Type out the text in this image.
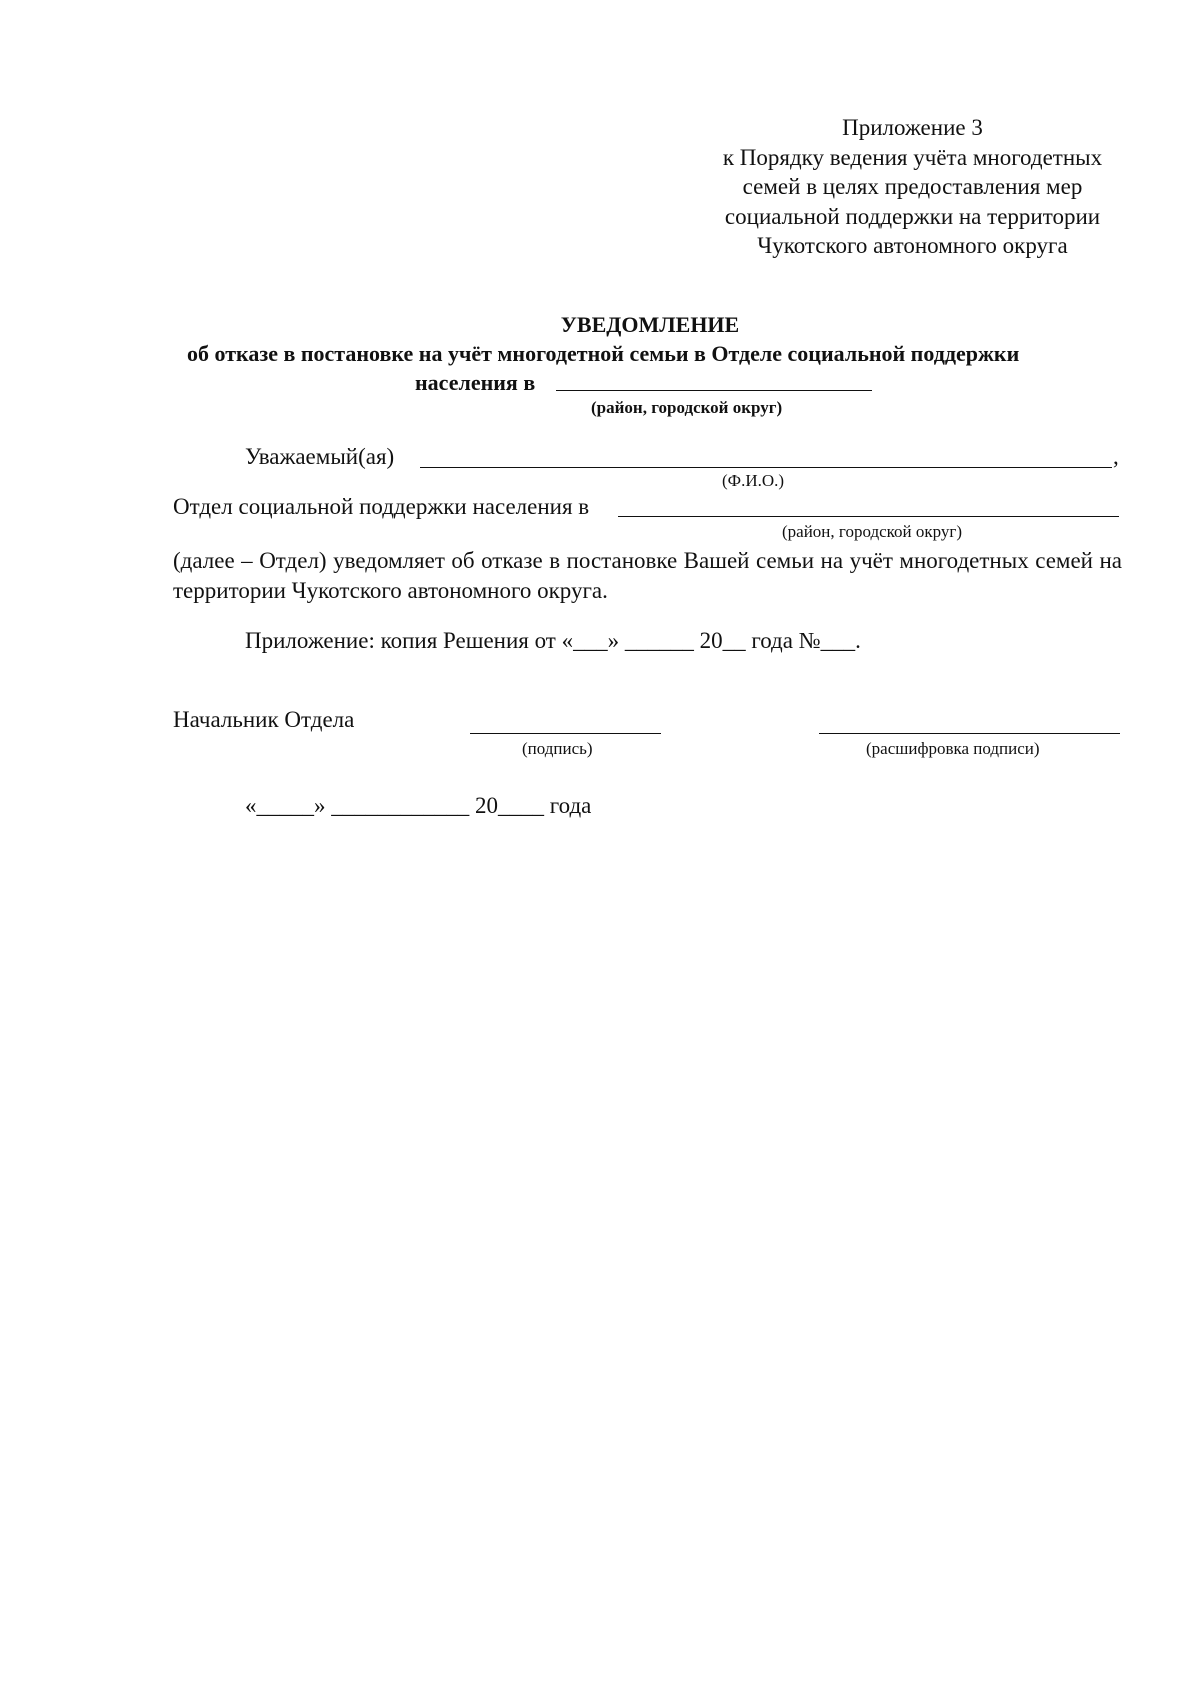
Приложение 3
к Порядку ведения учёта многодетных
семей в целях предоставления мер
социальной поддержки на территории
Чукотского автономного округа
УВЕДОМЛЕНИЕ
об отказе в постановке на учёт многодетной семьи в Отделе социальной поддержки
населения в
(район, городской округ)
Уважаемый(ая)	,
(Ф.И.О.)
Отдел социальной поддержки населения в
(район, городской округ)
(далее – Отдел) уведомляет об отказе в постановке Вашей семьи на учёт многодетных семей на территории Чукотского автономного округа.
Приложение: копия Решения от «___» ______ 20__ года №___.
Начальник Отдела
(подпись)	(расшифровка подписи)
«_____» ____________ 20____ года
